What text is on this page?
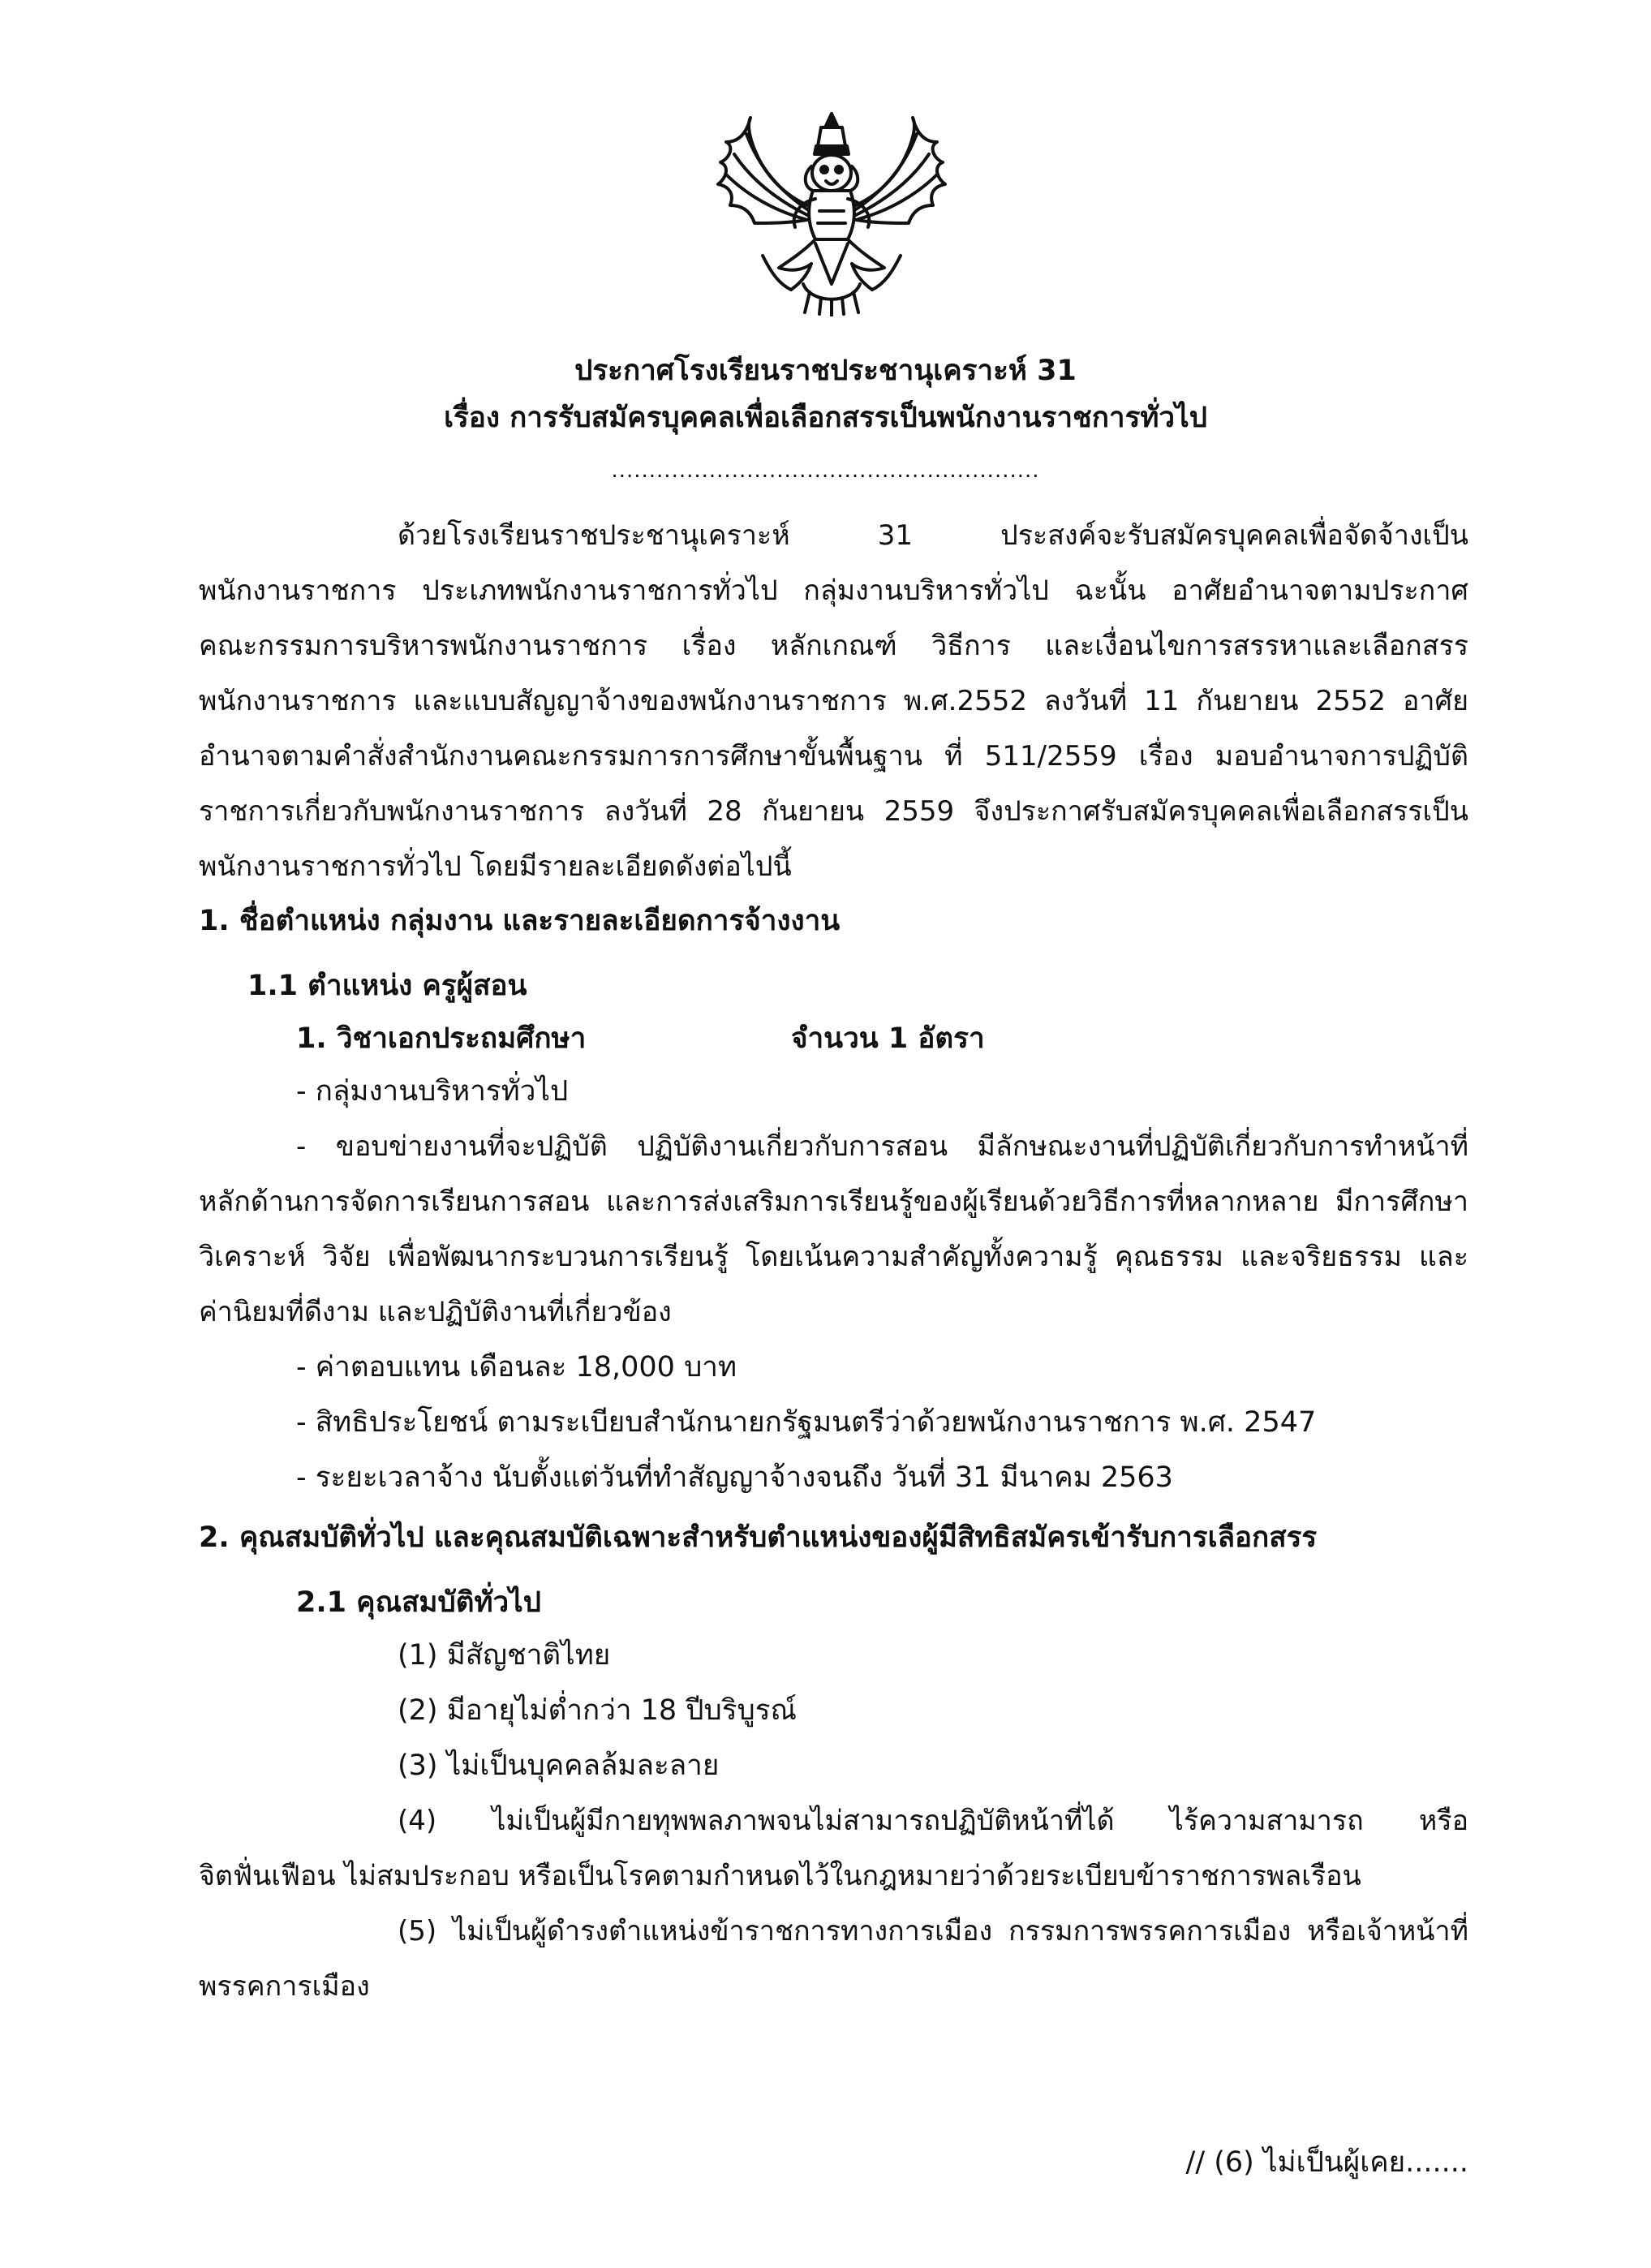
ประกาศโรงเรียนราชประชานุเคราะห์ 31
เรื่อง การรับสมัครบุคคลเพื่อเลือกสรรเป็นพนักงานราชการทั่วไป
.........................................................
ด้วยโรงเรียนราชประชานุเคราะห์ 31 ประสงค์จะรับสมัครบุคคลเพื่อจัดจ้างเป็น
พนักงานราชการ ประเภทพนักงานราชการทั่วไป กลุ่มงานบริหารทั่วไป ฉะนั้น อาศัยอำนาจตามประกาศ
คณะกรรมการบริหารพนักงานราชการ เรื่อง หลักเกณฑ์ วิธีการ และเงื่อนไขการสรรหาและเลือกสรร
พนักงานราชการ และแบบสัญญาจ้างของพนักงานราชการ พ.ศ.2552 ลงวันที่ 11 กันยายน 2552 อาศัย
อำนาจตามคำสั่งสำนักงานคณะกรรมการการศึกษาขั้นพื้นฐาน ที่ 511/2559 เรื่อง มอบอำนาจการปฏิบัติ
ราชการเกี่ยวกับพนักงานราชการ ลงวันที่ 28 กันยายน 2559 จึงประกาศรับสมัครบุคคลเพื่อเลือกสรรเป็น
พนักงานราชการทั่วไป โดยมีรายละเอียดดังต่อไปนี้
1. ชื่อตำแหน่ง กลุ่มงาน และรายละเอียดการจ้างงาน
1.1 ตำแหน่ง ครูผู้สอน
1. วิชาเอกประถมศึกษา	จำนวน 1 อัตรา
- กลุ่มงานบริหารทั่วไป
- ขอบข่ายงานที่จะปฏิบัติ ปฏิบัติงานเกี่ยวกับการสอน มีลักษณะงานที่ปฏิบัติเกี่ยวกับการทำหน้าที่
หลักด้านการจัดการเรียนการสอน และการส่งเสริมการเรียนรู้ของผู้เรียนด้วยวิธีการที่หลากหลาย มีการศึกษา
วิเคราะห์ วิจัย เพื่อพัฒนากระบวนการเรียนรู้ โดยเน้นความสำคัญทั้งความรู้ คุณธรรม และจริยธรรม และ
ค่านิยมที่ดีงาม และปฏิบัติงานที่เกี่ยวข้อง
- ค่าตอบแทน เดือนละ 18,000 บาท
- สิทธิประโยชน์ ตามระเบียบสำนักนายกรัฐมนตรีว่าด้วยพนักงานราชการ พ.ศ. 2547
- ระยะเวลาจ้าง นับตั้งแต่วันที่ทำสัญญาจ้างจนถึง วันที่ 31 มีนาคม 2563
2. คุณสมบัติทั่วไป และคุณสมบัติเฉพาะสำหรับตำแหน่งของผู้มีสิทธิสมัครเข้ารับการเลือกสรร
2.1 คุณสมบัติทั่วไป
(1) มีสัญชาติไทย
(2) มีอายุไม่ต่ำกว่า 18 ปีบริบูรณ์
(3) ไม่เป็นบุคคลล้มละลาย
(4) ไม่เป็นผู้มีกายทุพพลภาพจนไม่สามารถปฏิบัติหน้าที่ได้ ไร้ความสามารถ หรือ
จิตฟั่นเฟือน ไม่สมประกอบ หรือเป็นโรคตามกำหนดไว้ในกฎหมายว่าด้วยระเบียบข้าราชการพลเรือน
(5) ไม่เป็นผู้ดำรงตำแหน่งข้าราชการทางการเมือง กรรมการพรรคการเมือง หรือเจ้าหน้าที่
พรรคการเมือง
// (6) ไม่เป็นผู้เคย.......
